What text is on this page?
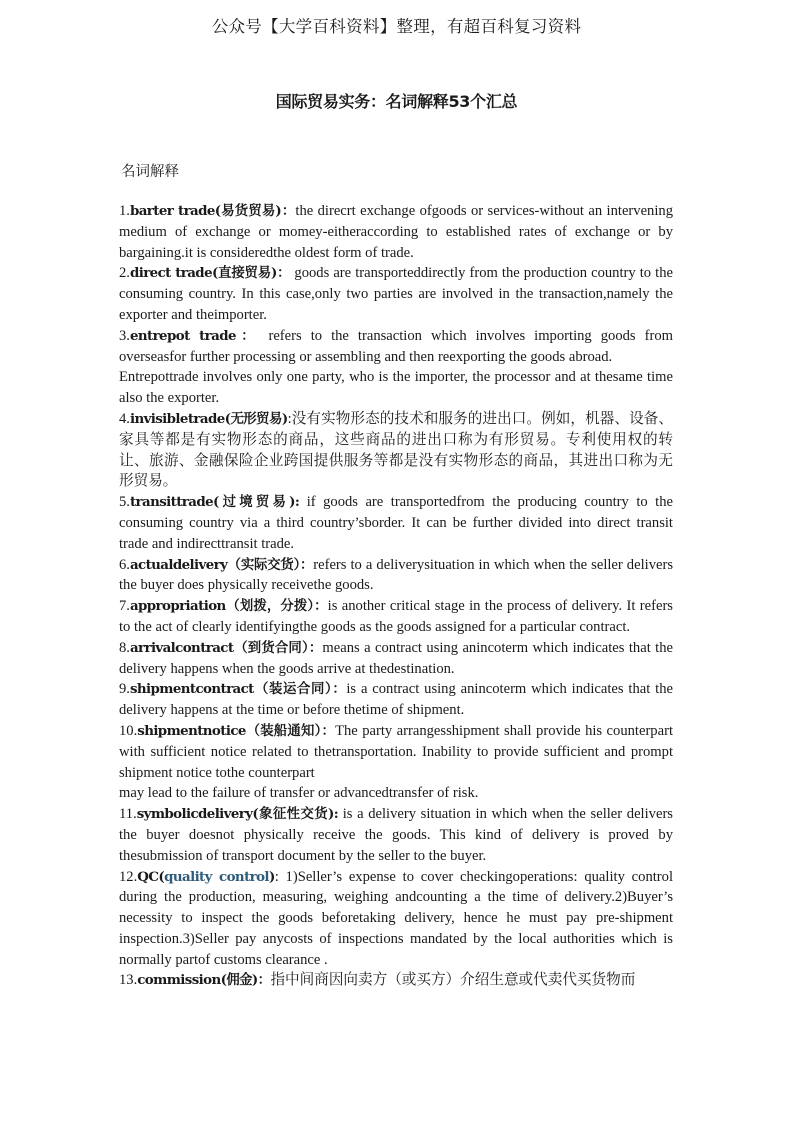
公众号【大学百科资料】整理，有超百科复习资料
国际贸易实务：名词解释53个汇总
名词解释

1.barter trade(易货贸易)：the direcrt exchange ofgoods or services-without an intervening medium of exchange or momey-eitheraccording to established rates of exchange or by bargaining.it is consideredthe oldest form of trade.

2.direct trade(直接贸易)： goods are transporteddirectly from the production country to the consuming country. In this case,only two parties are involved in the transaction,namely the exporter and theimporter.

3.entrepot trade： refers to the transaction which involves importing goods from overseasfor further processing or assembling and then reexporting the goods abroad.

Entrepottrade involves only one party, who is the importer, the processor and at thesame time also the exporter.

4.invisibletrade(无形贸易):没有实物形态的技术和服务的进出口。例如，机器、设备、家具等都是有实物形态的商品，这些商品的进出口称为有形贸易。专利使用权的转让、旅游、金融保险企业跨国提供服务等都是没有实物形态的商品，其进出口称为无形贸易。

5.transittrade(过境贸易): if goods are transportedfrom the producing country to the consuming country via a third country’sborder. It can be further divided into direct transit trade and indirecttransit trade.

6.actualdelivery（实际交货）：refers to a deliverysituation in which when the seller delivers the buyer does physically receivethe goods.

7.appropriation（划拨，分拨）：is another critical stage in the process of delivery. It refers to the act of clearly identifyingthe goods as the goods assigned for a particular contract.

8.arrivalcontract（到货合同）：means a contract using anincoterm which indicates that the delivery happens when the goods arrive at thedestination.

9.shipmentcontract（装运合同）：is a contract using anincoterm which indicates that the delivery happens at the time or before thetime of shipment.

10.shipmentnotice（装船通知）：The party arrangesshipment shall provide his counterpart with sufficient notice related to thetransportation. Inability to provide sufficient and prompt shipment notice tothe counterpart

may lead to the failure of transfer or advancedtransfer of risk.

11.symbolicdelivery(象征性交货): is a delivery situation in which when the seller delivers the buyer doesnot physically receive the goods. This kind of delivery is proved by thesubmission of transport document by the seller to the buyer.

12.QC(quality control): 1)Seller’s expense to cover checkingoperations: quality control during the production, measuring, weighing andcounting a the time of delivery.2)Buyer’s necessity to inspect the goods beforetaking delivery, hence he must pay pre-shipment inspection.3)Seller pay anycosts of inspections mandated by the local authorities which is normally partof customs clearance .

13.commission(佣金)：指中间商因向卖方（或买方）介绍生意或代卖代买货物而
